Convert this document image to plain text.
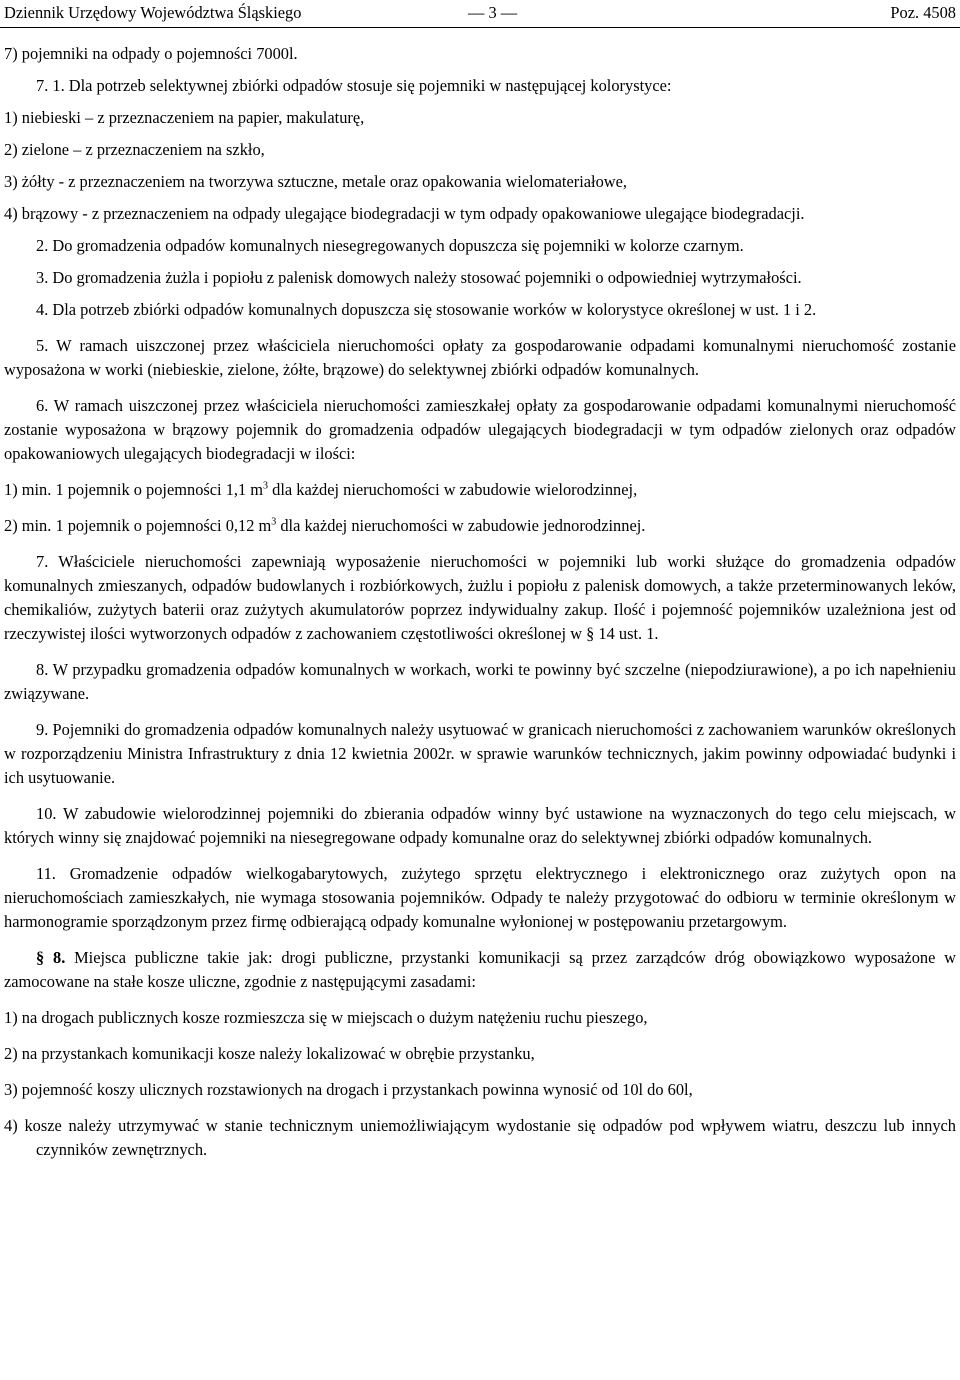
Dziennik Urzędowy Województwa Śląskiego	— 3 —	Poz. 4508

7) pojemniki na odpady o pojemności 7000l.

7. 1. Dla potrzeb selektywnej zbiórki odpadów stosuje się pojemniki w następującej kolorystyce:

1) niebieski – z przeznaczeniem na papier, makulaturę,

2) zielone – z przeznaczeniem na szkło,

3) żółty - z przeznaczeniem na tworzywa sztuczne, metale oraz opakowania wielomateriałowe,

4) brązowy - z przeznaczeniem na odpady ulegające biodegradacji w tym odpady opakowaniowe ulegające biodegradacji.

2. Do gromadzenia odpadów komunalnych niesegregowanych dopuszcza się pojemniki w kolorze czarnym.

3. Do gromadzenia żużla i popiołu z palenisk domowych należy stosować pojemniki o odpowiedniej wytrzymałości.

4. Dla potrzeb zbiórki odpadów komunalnych dopuszcza się stosowanie worków w kolorystyce określonej w ust. 1 i 2.

5. W ramach uiszczonej przez właściciela nieruchomości opłaty za gospodarowanie odpadami komunalnymi nieruchomość zostanie wyposażona w worki (niebieskie, zielone, żółte, brązowe) do selektywnej zbiórki odpadów komunalnych.

6. W ramach uiszczonej przez właściciela nieruchomości zamieszkałej opłaty za gospodarowanie odpadami komunalnymi nieruchomość zostanie wyposażona w brązowy pojemnik do gromadzenia odpadów ulegających biodegradacji w tym odpadów zielonych oraz odpadów opakowaniowych ulegających biodegradacji w ilości:

1) min. 1 pojemnik o pojemności 1,1 $m^3$ dla każdej nieruchomości w zabudowie wielorodzinnej,

2) min. 1 pojemnik o pojemności 0,12 $m^3$ dla każdej nieruchomości w zabudowie jednorodzinnej.

7. Właściciele nieruchomości zapewniają wyposażenie nieruchomości w pojemniki lub worki służące do gromadzenia odpadów komunalnych zmieszanych, odpadów budowlanych i rozbiórkowych, żużlu i popiołu z palenisk domowych, a także przeterminowanych leków, chemikaliów, zużytych baterii oraz zużytych akumulatorów poprzez indywidualny zakup. Ilość i pojemność pojemników uzależniona jest od rzeczywistej ilości wytworzonych odpadów z zachowaniem częstotliwości określonej w § 14 ust. 1.

8. W przypadku gromadzenia odpadów komunalnych w workach, worki te powinny być szczelne (niepodziurawione), a po ich napełnieniu związywane.

9. Pojemniki do gromadzenia odpadów komunalnych należy usytuować w granicach nieruchomości z zachowaniem warunków określonych w rozporządzeniu Ministra Infrastruktury z dnia 12 kwietnia 2002r. w sprawie warunków technicznych, jakim powinny odpowiadać budynki i ich usytuowanie.

10. W zabudowie wielorodzinnej pojemniki do zbierania odpadów winny być ustawione na wyznaczonych do tego celu miejscach, w których winny się znajdować pojemniki na niesegregowane odpady komunalne oraz do selektywnej zbiórki odpadów komunalnych.

11. Gromadzenie odpadów wielkogabarytowych, zużytego sprzętu elektrycznego i elektronicznego oraz zużytych opon na nieruchomościach zamieszkałych, nie wymaga stosowania pojemników. Odpady te należy przygotować do odbioru w terminie określonym w harmonogramie sporządzonym przez firmę odbierającą odpady komunalne wyłonionej w postępowaniu przetargowym.

§ 8. Miejsca publiczne takie jak: drogi publiczne, przystanki komunikacji są przez zarządców dróg obowiązkowo wyposażone w zamocowane na stałe kosze uliczne, zgodnie z następującymi zasadami:

1) na drogach publicznych kosze rozmieszcza się w miejscach o dużym natężeniu ruchu pieszego,

2) na przystankach komunikacji kosze należy lokalizować w obrębie przystanku,

3) pojemność koszy ulicznych rozstawionych na drogach i przystankach powinna wynosić od 10l do 60l,

4) kosze należy utrzymywać w stanie technicznym uniemożliwiającym wydostanie się odpadów pod wpływem wiatru, deszczu lub innych czynników zewnętrznych.
